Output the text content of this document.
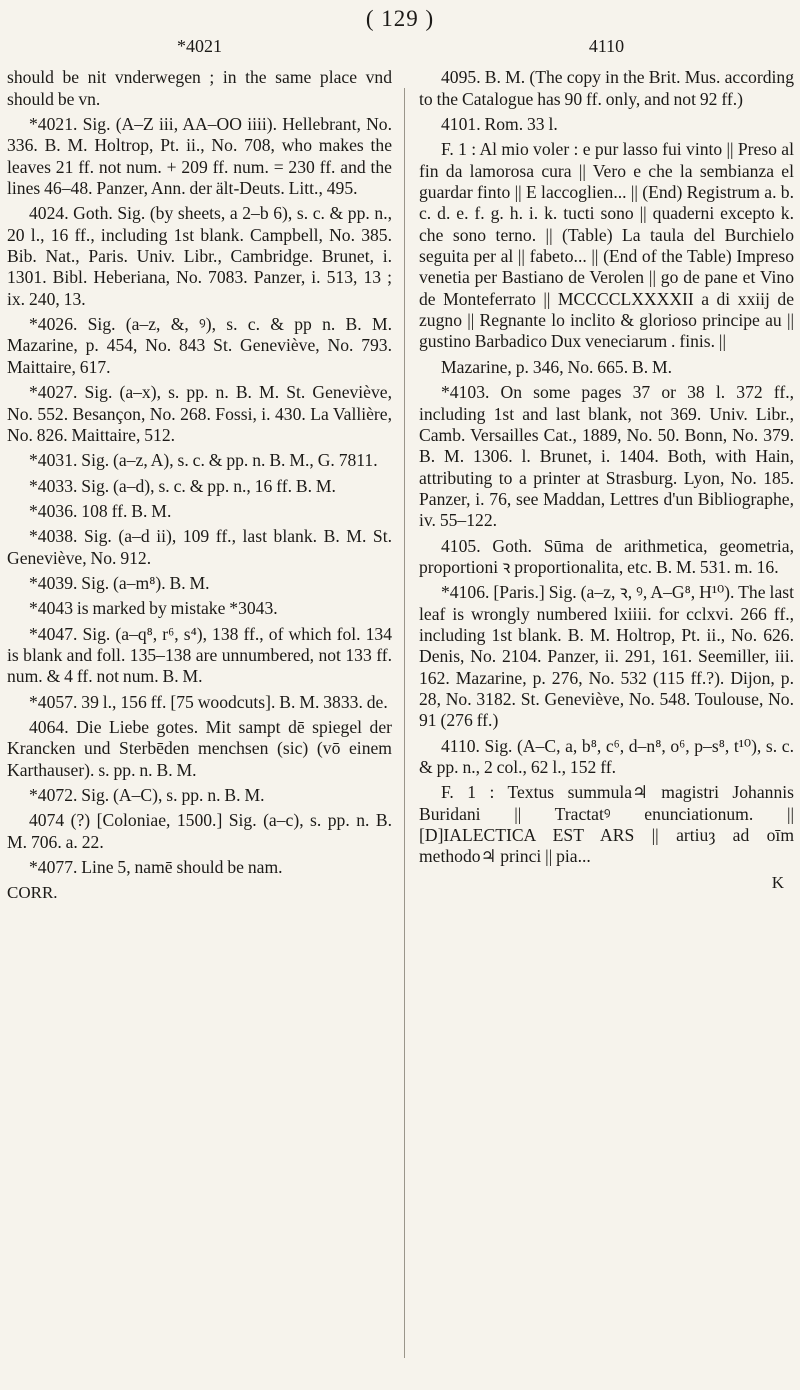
( 129 )
*4021

should be nit vnderwegen ; in the same place vnd should be vn.

*4021. Sig. (A–Z iii, AA–OO iiii). Hellebrant, No. 336. B. M. Holtrop, Pt. ii., No. 708, who makes the leaves 21 ff. not num. + 209 ff. num. = 230 ff. and the lines 46–48. Panzer, Ann. der ält-Deuts. Litt., 495.

4024. Goth. Sig. (by sheets, a 2–b 6), s. c. & pp. n., 20 l., 16 ff., including 1st blank. Campbell, No. 385. Bib. Nat., Paris. Univ. Libr., Cambridge. Brunet, i. 1301. Bibl. Heberiana, No. 7083. Panzer, i. 513, 13 ; ix. 240, 13.

*4026. Sig. (a–z, &, ꝰ), s. c. & pp n. B. M. Mazarine, p. 454, No. 843 St. Geneviève, No. 793. Maittaire, 617.

*4027. Sig. (a–x), s. pp. n. B. M. St. Geneviève, No. 552. Besançon, No. 268. Fossi, i. 430. La Vallière, No. 826. Maittaire, 512.

*4031. Sig. (a–z, A), s. c. & pp. n. B. M., G. 7811.

*4033. Sig. (a–d), s. c. & pp. n., 16 ff. B. M.

*4036. 108 ff. B. M.

*4038. Sig. (a–d ii), 109 ff., last blank. B. M. St. Geneviève, No. 912.

*4039. Sig. (a–m⁸). B. M.

*4043 is marked by mistake *3043.

*4047. Sig. (a–q⁸, r⁶, s⁴), 138 ff., of which fol. 134 is blank and foll. 135–138 are unnumbered, not 133 ff. num. & 4 ff. not num. B. M.

*4057. 39 l., 156 ff. [75 woodcuts]. B. M. 3833. de.

4064. Die Liebe gotes. Mit sampt dē spiegel der Krancken und Sterbēden menchsen (sic) (vō einem Karthauser). s. pp. n. B. M.

*4072. Sig. (A–C), s. pp. n. B. M.

4074 (?) [Coloniae, 1500.] Sig. (a–c), s. pp. n. B. M. 706. a. 22.

*4077. Line 5, namē should be nam.

CORR.
4110

4095. B. M. (The copy in the Brit. Mus. according to the Catalogue has 90 ff. only, and not 92 ff.)

4101. Rom. 33 l.

F. 1 : Al mio voler : e pur lasso fui vinto || Preso al fin da lamorosa cura || Vero e che la sembianza el guardar finto || E laccoglien... || (End) Registrum a. b. c. d. e. f. g. h. i. k. tucti sono || quaderni excepto k. che sono terno. || (Table) La taula del Burchielo seguita per al || fabeto... || (End of the Table) Impreso venetia per Bastiano de Verolen || go de pane et Vino de Monteferrato || MCCCCLXXXXII a di xxiij de zugno || Regnante lo inclito & glorioso principe au || gustino Barbadico Dux veneciarum . finis. ||

Mazarine, p. 346, No. 665. B. M.

*4103. On some pages 37 or 38 l. 372 ff., including 1st and last blank, not 369. Univ. Libr., Camb. Versailles Cat., 1889, No. 50. Bonn, No. 379. B. M. 1306. l. Brunet, i. 1404. Both, with Hain, attributing to a printer at Strasburg. Lyon, No. 185. Panzer, i. 76, see Maddan, Lettres d'un Bibliographe, iv. 55–122.

4105. Goth. Sūma de arithmetica, geometria, proportioni ꝛ proportionalita, etc. B. M. 531. m. 16.

*4106. [Paris.] Sig. (a–z, ꝛ, ꝰ, A–G⁸, H¹⁰). The last leaf is wrongly numbered lxiiii. for cclxvi. 266 ff., including 1st blank. B. M. Holtrop, Pt. ii., No. 626. Denis, No. 2104. Panzer, ii. 291, 161. Seemiller, iii. 162. Mazarine, p. 276, No. 532 (115 ff.?). Dijon, p. 28, No. 3182. St. Geneviève, No. 548. Toulouse, No. 91 (276 ff.)

4110. Sig. (A–C, a, b⁸, c⁶, d–n⁸, o⁶, p–s⁸, t¹⁰), s. c. & pp. n., 2 col., 62 l., 152 ff.

F. 1 : Textus summula♃ magistri Johannis Buridani || Tractatꝰ enunciationum. || [D]IALECTICA EST ARS || artiuȝ ad oīm methodo♃ princi || pia...

K
